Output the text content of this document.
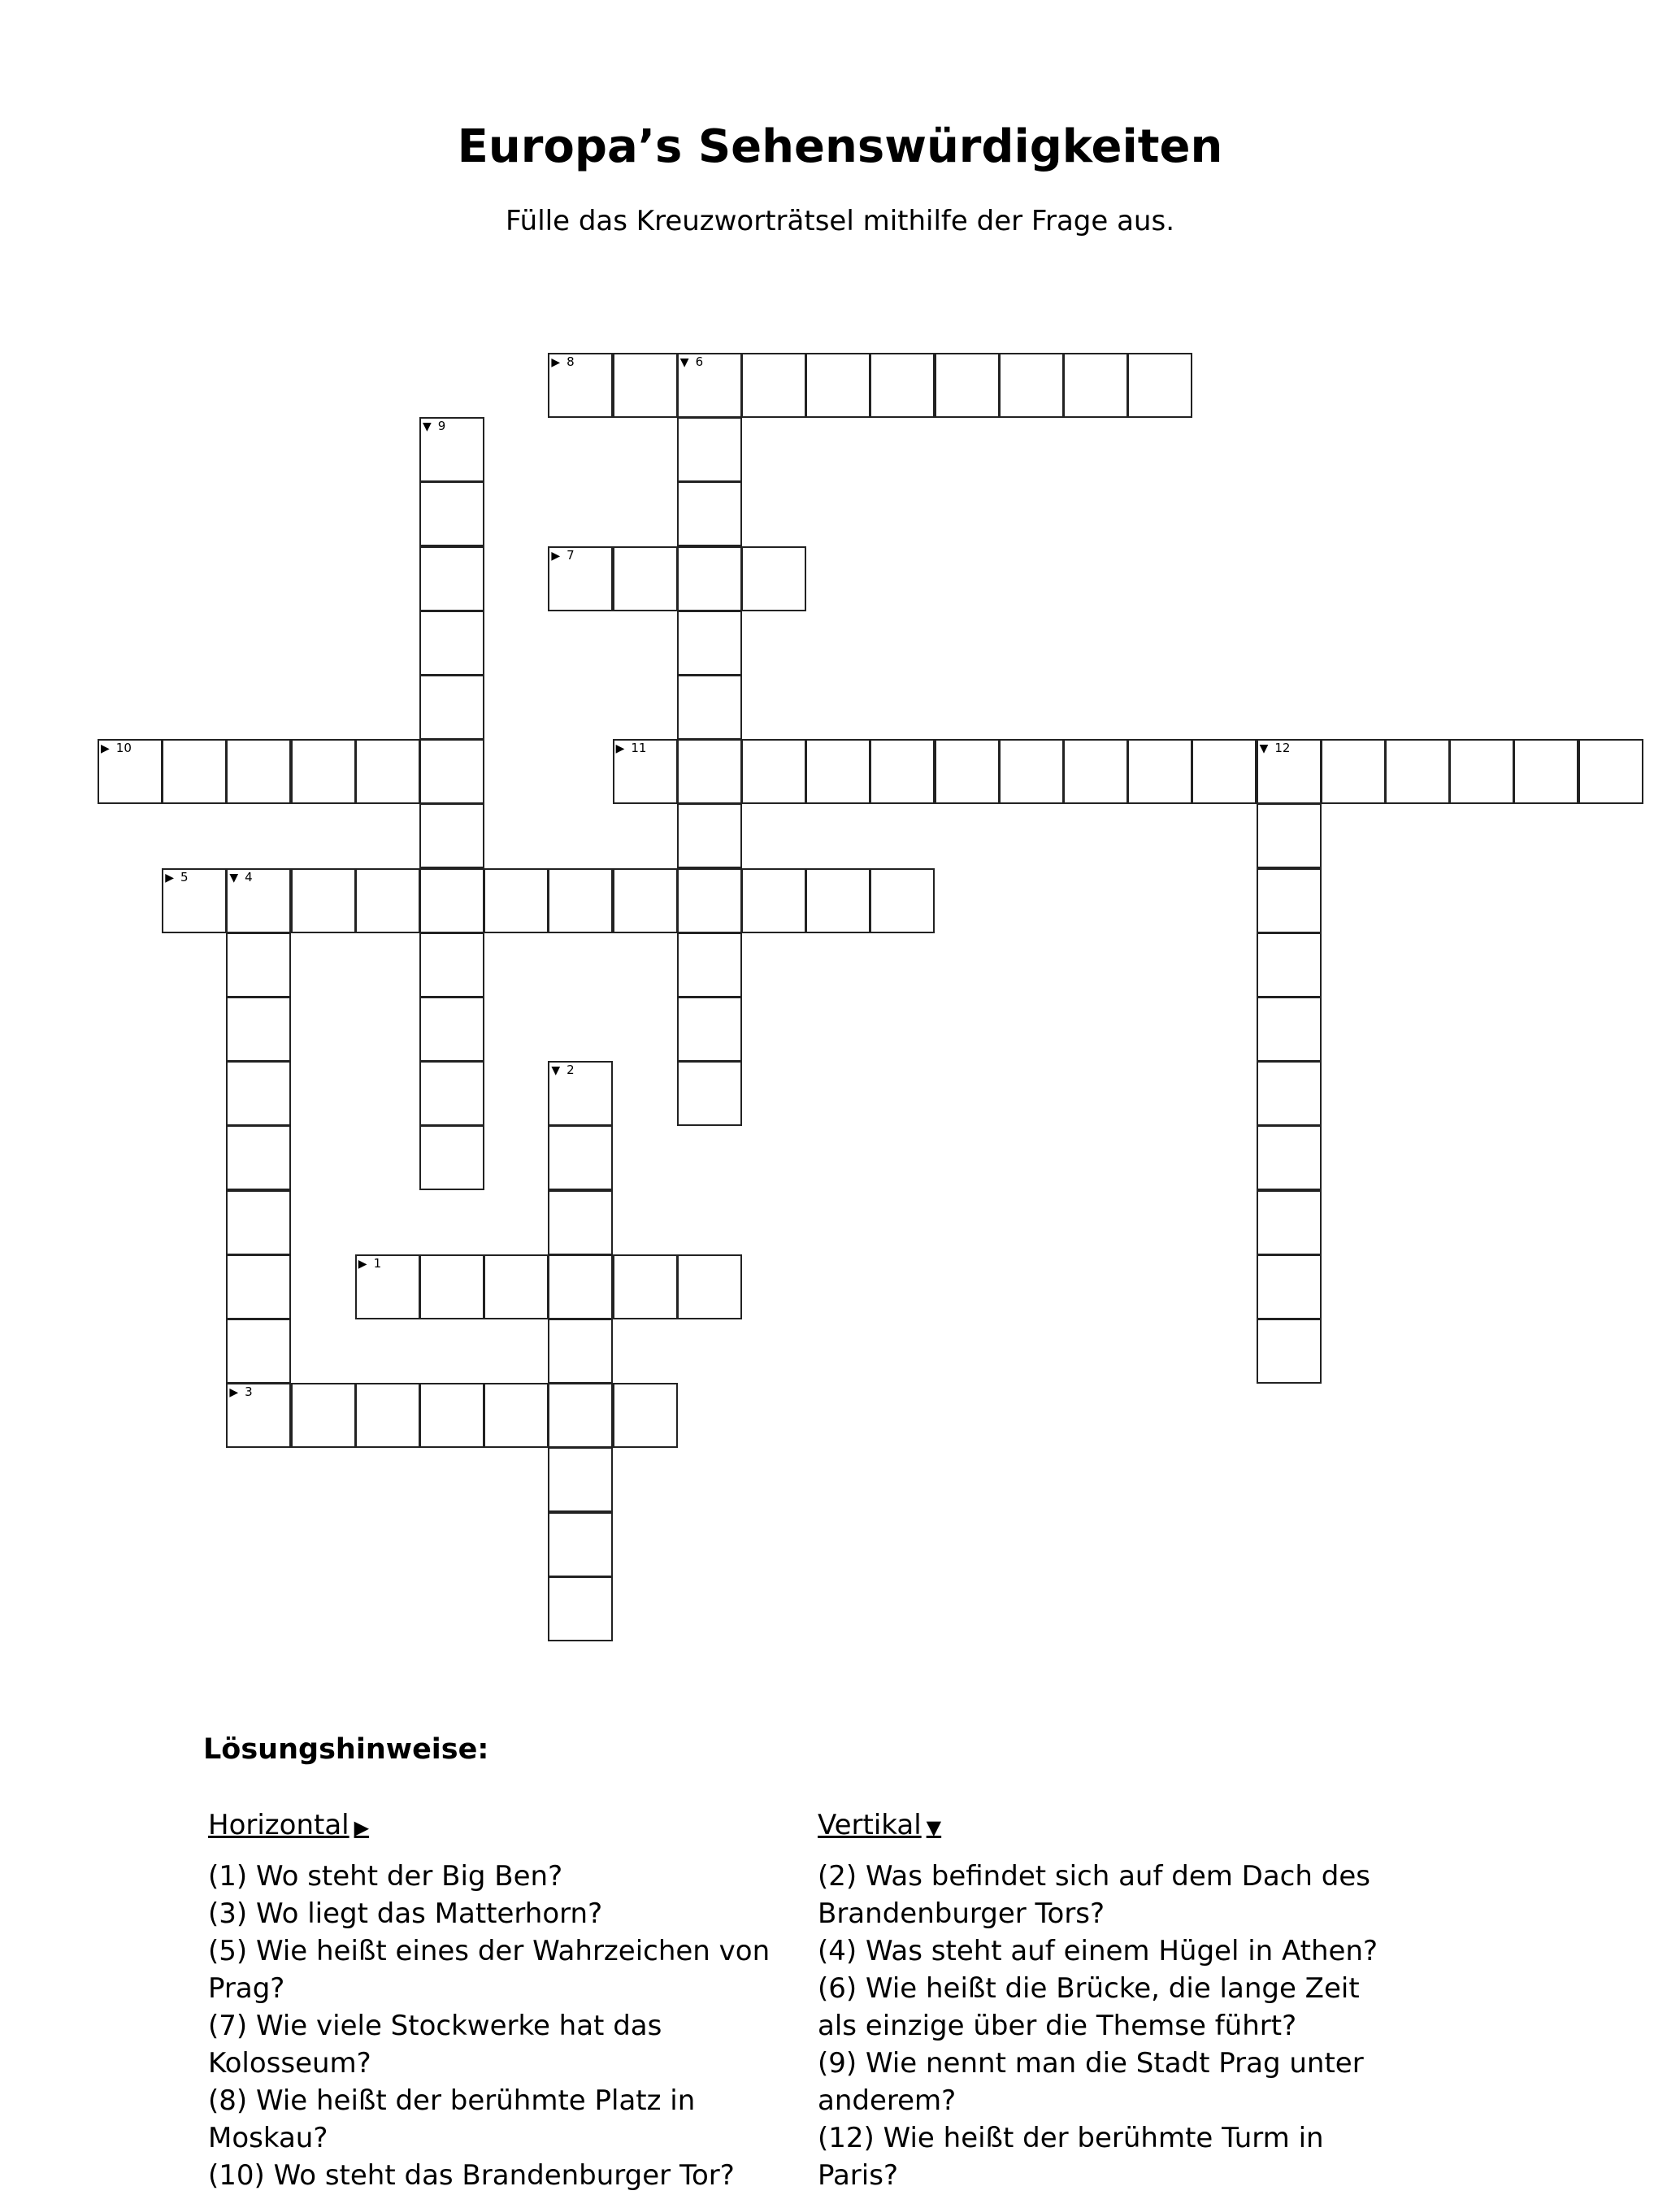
Europa’s Sehenswürdigkeiten
Fülle das Kreuzworträtsel mithilfe der Frage aus.
▶ 1
▼ 2
▶ 3
▼ 4
▶ 5
▼ 6
▶ 7
▶ 8
▼ 9
▶ 10	▶ 11	▼ 12
Lösungshinweise:
Horizontal ▶
(1) Wo steht der Big Ben?
(3) Wo liegt das Matterhorn?
(5) Wie heißt eines der Wahrzeichen von Prag?
(7) Wie viele Stockwerke hat das Kolosseum?
(8) Wie heißt der berühmte Platz in Moskau?
(10) Wo steht das Brandenburger Tor?
Vertikal ▼
(2) Was befindet sich auf dem Dach des Brandenburger Tors?
(4) Was steht auf einem Hügel in Athen?
(6) Wie heißt die Brücke, die lange Zeit als einzige über die Themse führt?
(9) Wie nennt man die Stadt Prag unter anderem?
(12) Wie heißt der berühmte Turm in Paris?
